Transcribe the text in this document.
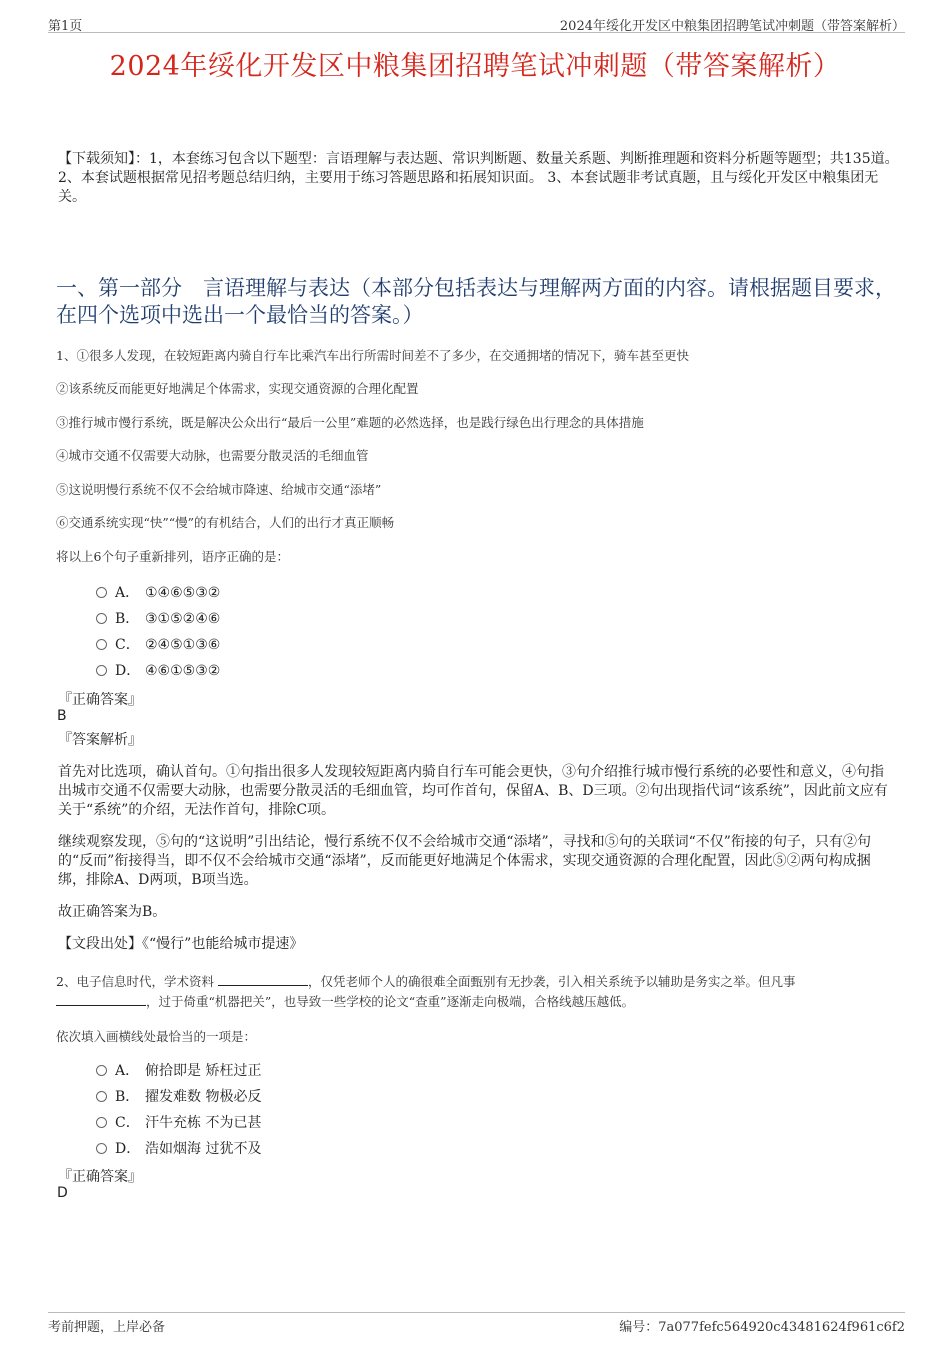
第1页	2024年绥化开发区中粮集团招聘笔试冲刺题（带答案解析）
2024年绥化开发区中粮集团招聘笔试冲刺题（带答案解析）
【下载须知】：1，本套练习包含以下题型：言语理解与表达题、常识判断题、数量关系题、判断推理题和资料分析题等题型；共135道。 2、本套试题根据常见招考题总结归纳，主要用于练习答题思路和拓展知识面。 3、本套试题非考试真题，且与绥化开发区中粮集团无关。
一、第一部分　言语理解与表达（本部分包括表达与理解两方面的内容。请根据题目要求，在四个选项中选出一个最恰当的答案。）
1、①很多人发现，在较短距离内骑自行车比乘汽车出行所需时间差不了多少，在交通拥堵的情况下，骑车甚至更快
②该系统反而能更好地满足个体需求，实现交通资源的合理化配置
③推行城市慢行系统，既是解决公众出行“最后一公里”难题的必然选择，也是践行绿色出行理念的具体措施
④城市交通不仅需要大动脉，也需要分散灵活的毛细血管
⑤这说明慢行系统不仅不会给城市降速、给城市交通“添堵”
⑥交通系统实现“快”“慢”的有机结合，人们的出行才真正顺畅
将以上6个句子重新排列，语序正确的是：
A． ①④⑥⑤③②
B． ③①⑤②④⑥
C． ②④⑤①③⑥
D． ④⑥①⑤③②
『正确答案』
B
『答案解析』
首先对比选项，确认首句。①句指出很多人发现较短距离内骑自行车可能会更快，③句介绍推行城市慢行系统的必要性和意义，④句指出城市交通不仅需要大动脉，也需要分散灵活的毛细血管，均可作首句，保留A、B、D三项。②句出现指代词“该系统”，因此前文应有关于“系统”的介绍，无法作首句，排除C项。
继续观察发现，⑤句的“这说明”引出结论，慢行系统不仅不会给城市交通“添堵”，寻找和⑤句的关联词“不仅”衔接的句子，只有②句的“反而”衔接得当，即不仅不会给城市交通“添堵”，反而能更好地满足个体需求，实现交通资源的合理化配置，因此⑤②两句构成捆绑，排除A、D两项，B项当选。
故正确答案为B。
【文段出处】《“慢行”也能给城市提速》
2、电子信息时代，学术资料	，仅凭老师个人的确很难全面甄别有无抄袭，引入相关系统予以辅助是务实之举。但凡事
，过于倚重“机器把关”，也导致一些学校的论文“查重”逐渐走向极端，合格线越压越低。
依次填入画横线处最恰当的一项是：
A． 俯拾即是 矫枉过正
B． 擢发难数 物极必反
C． 汗牛充栋 不为已甚
D． 浩如烟海 过犹不及
『正确答案』
D
考前押题，上岸必备	编号：7a077fefc564920c43481624f961c6f2
